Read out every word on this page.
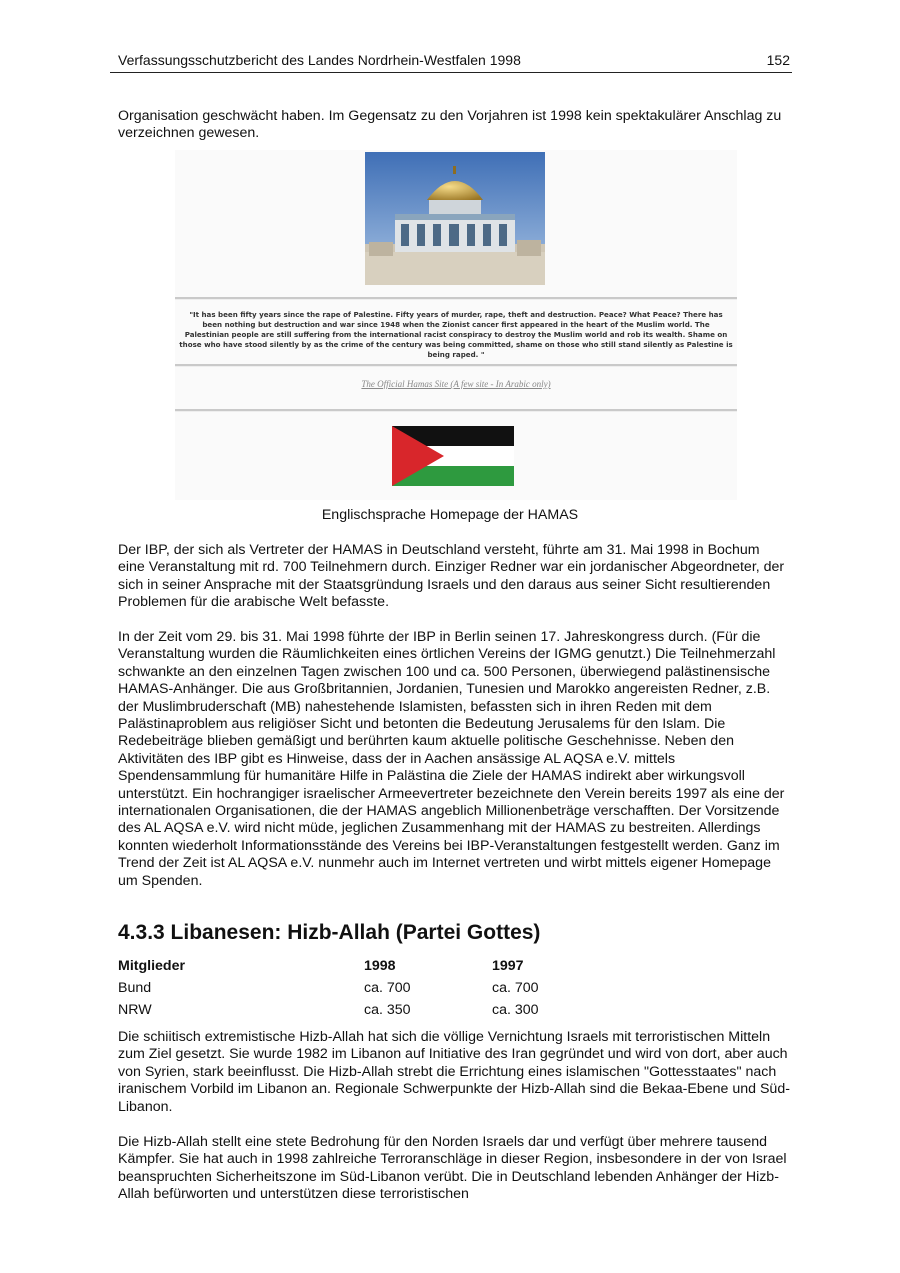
Verfassungsschutzbericht des Landes Nordrhein-Westfalen 1998	152

Organisation geschwächt haben. Im Gegensatz zu den Vorjahren ist 1998 kein spektakulärer Anschlag zu verzeichnen gewesen.

"It has been fifty years since the rape of Palestine. Fifty years of murder, rape, theft and destruction. Peace? What Peace? There has been nothing but destruction and war since 1948 when the Zionist cancer first appeared in the heart of the Muslim world. The Palestinian people are still suffering from the international racist conspiracy to destroy the Muslim world and rob its wealth. Shame on those who have stood silently by as the crime of the century was being committed, shame on those who still stand silently as Palestine is being raped. "
The Official Hamas Site (A few site - In Arabic only)
Englischsprache Homepage der HAMAS

Der IBP, der sich als Vertreter der HAMAS in Deutschland versteht, führte am 31. Mai 1998 in Bochum eine Veranstaltung mit rd. 700 Teilnehmern durch. Einziger Redner war ein jordanischer Abgeordneter, der sich in seiner Ansprache mit der Staatsgründung Israels und den daraus aus seiner Sicht resultierenden Problemen für die arabische Welt befasste.

In der Zeit vom 29. bis 31. Mai 1998 führte der IBP in Berlin seinen 17. Jahreskongress durch. (Für die Veranstaltung wurden die Räumlichkeiten eines örtlichen Vereins der IGMG genutzt.) Die Teilnehmerzahl schwankte an den einzelnen Tagen zwischen 100 und ca. 500 Personen, überwiegend palästinensische HAMAS-Anhänger. Die aus Großbritannien, Jordanien, Tunesien und Marokko angereisten Redner, z.B. der Muslimbruderschaft (MB) nahestehende Islamisten, befassten sich in ihren Reden mit dem Palästinaproblem aus religiöser Sicht und betonten die Bedeutung Jerusalems für den Islam. Die Redebeiträge blieben gemäßigt und berührten kaum aktuelle politische Geschehnisse. Neben den Aktivitäten des IBP gibt es Hinweise, dass der in Aachen ansässige AL AQSA e.V. mittels Spendensammlung für humanitäre Hilfe in Palästina die Ziele der HAMAS indirekt aber wirkungsvoll unterstützt. Ein hochrangiger israelischer Armeevertreter bezeichnete den Verein bereits 1997 als eine der internationalen Organisationen, die der HAMAS angeblich Millionenbeträge verschafften. Der Vorsitzende des AL AQSA e.V. wird nicht müde, jeglichen Zusammenhang mit der HAMAS zu bestreiten. Allerdings konnten wiederholt Informationsstände des Vereins bei IBP-Veranstaltungen festgestellt werden. Ganz im Trend der Zeit ist AL AQSA e.V. nunmehr auch im Internet vertreten und wirbt mittels eigener Homepage um Spenden.

4.3.3 Libanesen: Hizb-Allah (Partei Gottes)
Mitglieder	1998	1997
Bund	ca. 700	ca. 700
NRW	ca. 350	ca. 300

Die schiitisch extremistische Hizb-Allah hat sich die völlige Vernichtung Israels mit terroristischen Mitteln zum Ziel gesetzt. Sie wurde 1982 im Libanon auf Initiative des Iran gegründet und wird von dort, aber auch von Syrien, stark beeinflusst. Die Hizb-Allah strebt die Errichtung eines islamischen "Gottesstaates" nach iranischem Vorbild im Libanon an. Regionale Schwerpunkte der Hizb-Allah sind die Bekaa-Ebene und Süd-Libanon.

Die Hizb-Allah stellt eine stete Bedrohung für den Norden Israels dar und verfügt über mehrere tausend Kämpfer. Sie hat auch in 1998 zahlreiche Terroranschläge in dieser Region, insbesondere in der von Israel beanspruchten Sicherheitszone im Süd-Libanon verübt. Die in Deutschland lebenden Anhänger der Hizb-Allah befürworten und unterstützen diese terroristischen
